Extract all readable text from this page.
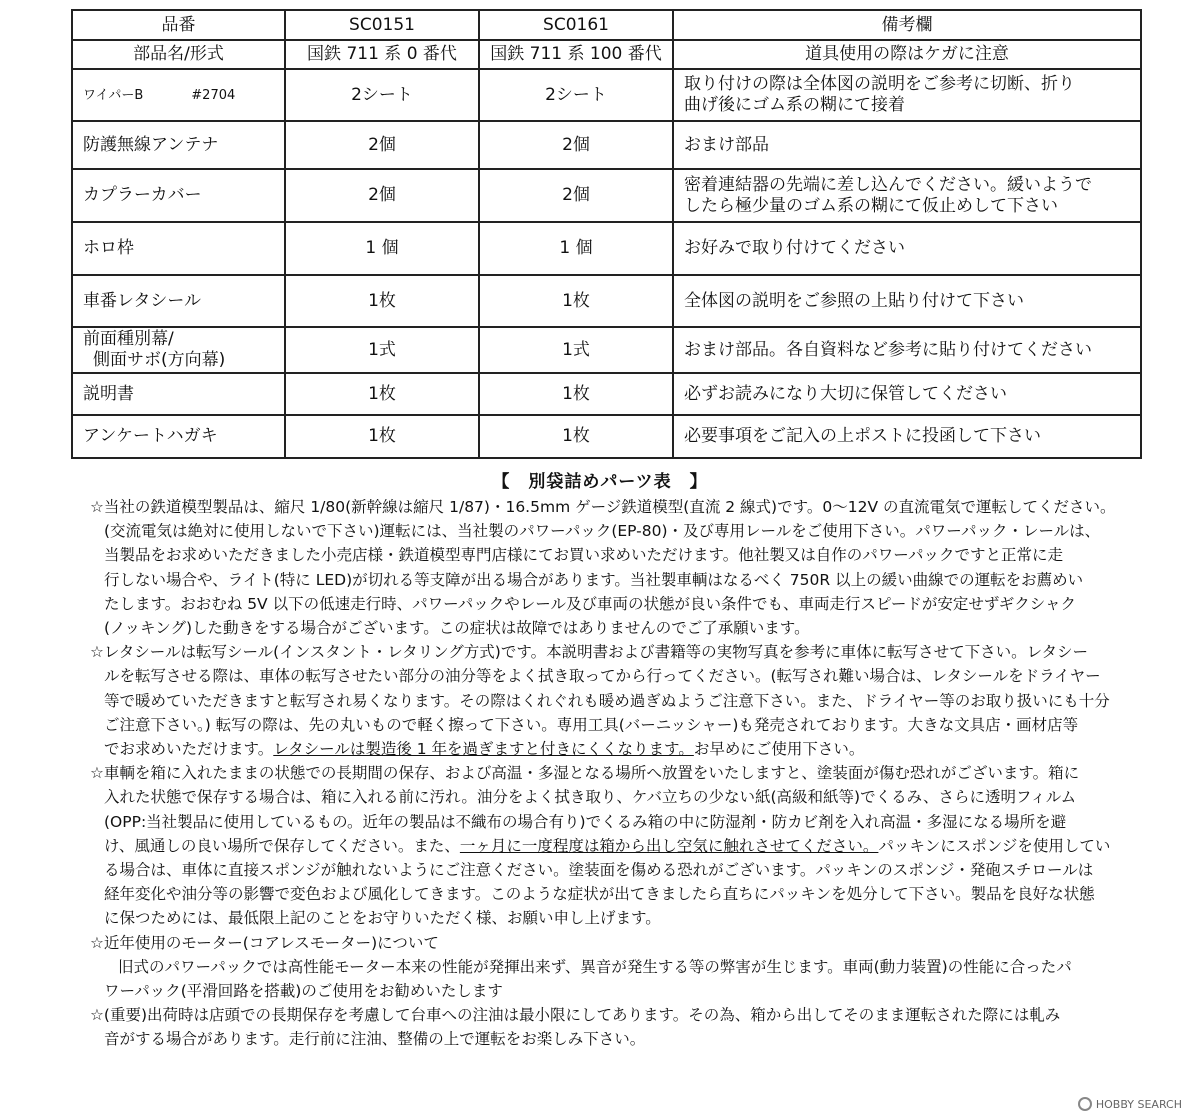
品番	SC0151	SC0161	備考欄
部品名/形式	国鉄 711 系 0 番代	国鉄 711 系 100 番代	道具使用の際はケガに注意
ワイパーB #2704	2シート	2シート	取り付けの際は全体図の説明をご参考に切断、折り
曲げ後にゴム系の糊にて接着

防護無線アンテナ	2個	2個	おまけ部品
カプラーカバー	2個	2個	密着連結器の先端に差し込んでください。緩いようで
したら極少量のゴム系の糊にて仮止めして下さい

ホロ枠	1 個	1 個	お好みで取り付けてください
車番レタシール	1枚	1枚	全体図の説明をご参照の上貼り付けて下さい

前面種別幕/
側面サボ(方向幕)	1式	1式	おまけ部品。各自資料など参考に貼り付けてください
説明書	1枚	1枚	必ずお読みになり大切に保管してください
アンケートハガキ	1枚	1枚	必要事項をご記入の上ポストに投函して下さい
【　別袋詰めパーツ表　】
☆当社の鉄道模型製品は、縮尺 1/80(新幹線は縮尺 1/87)・16.5mm ゲージ鉄道模型(直流 2 線式)です。0～12V の直流電気で運転してください。
(交流電気は絶対に使用しないで下さい)運転には、当社製のパワーパック(EP-80)・及び専用レールをご使用下さい。パワーパック・レールは、
当製品をお求めいただきました小売店様・鉄道模型専門店様にてお買い求めいただけます。他社製又は自作のパワーパックですと正常に走
行しない場合や、ライト(特に LED)が切れる等支障が出る場合があります。当社製車輌はなるべく 750R 以上の緩い曲線での運転をお薦めい
たします。おおむね 5V 以下の低速走行時、パワーパックやレール及び車両の状態が良い条件でも、車両走行スピードが安定せずギクシャク
(ノッキング)した動きをする場合がございます。この症状は故障ではありませんのでご了承願います。
☆レタシールは転写シール(インスタント・レタリング方式)です。本説明書および書籍等の実物写真を参考に車体に転写させて下さい。レタシー
ルを転写させる際は、車体の転写させたい部分の油分等をよく拭き取ってから行ってください。(転写され難い場合は、レタシールをドライヤー
等で暖めていただきますと転写され易くなります。その際はくれぐれも暖め過ぎぬようご注意下さい。また、ドライヤー等のお取り扱いにも十分
ご注意下さい。) 転写の際は、先の丸いもので軽く擦って下さい。専用工具(バーニッシャー)も発売されております。大きな文具店・画材店等
でお求めいただけます。レタシールは製造後 1 年を過ぎますと付きにくくなります。お早めにご使用下さい。
☆車輌を箱に入れたままの状態での長期間の保存、および高温・多湿となる場所へ放置をいたしますと、塗装面が傷む恐れがございます。箱に
入れた状態で保存する場合は、箱に入れる前に汚れ。油分をよく拭き取り、ケバ立ちの少ない紙(高級和紙等)でくるみ、さらに透明フィルム
(OPP:当社製品に使用しているもの。近年の製品は不織布の場合有り)でくるみ箱の中に防湿剤・防カビ剤を入れ高温・多湿になる場所を避
け、風通しの良い場所で保存してください。また、一ヶ月に一度程度は箱から出し空気に触れさせてください。パッキンにスポンジを使用してい
る場合は、車体に直接スポンジが触れないようにご注意ください。塗装面を傷める恐れがございます。パッキンのスポンジ・発砲スチロールは
経年変化や油分等の影響で変色および風化してきます。このような症状が出てきましたら直ちにパッキンを処分して下さい。製品を良好な状態
に保つためには、最低限上記のことをお守りいただく様、お願い申し上げます。
☆近年使用のモーター(コアレスモーター)について
旧式のパワーパックでは高性能モーター本来の性能が発揮出来ず、異音が発生する等の弊害が生じます。車両(動力装置)の性能に合ったパ
ワーパック(平滑回路を搭載)のご使用をお勧めいたします
☆(重要)出荷時は店頭での長期保存を考慮して台車への注油は最小限にしてあります。その為、箱から出してそのまま運転された際には軋み
音がする場合があります。走行前に注油、整備の上で運転をお楽しみ下さい。
HOBBY SEARCH
